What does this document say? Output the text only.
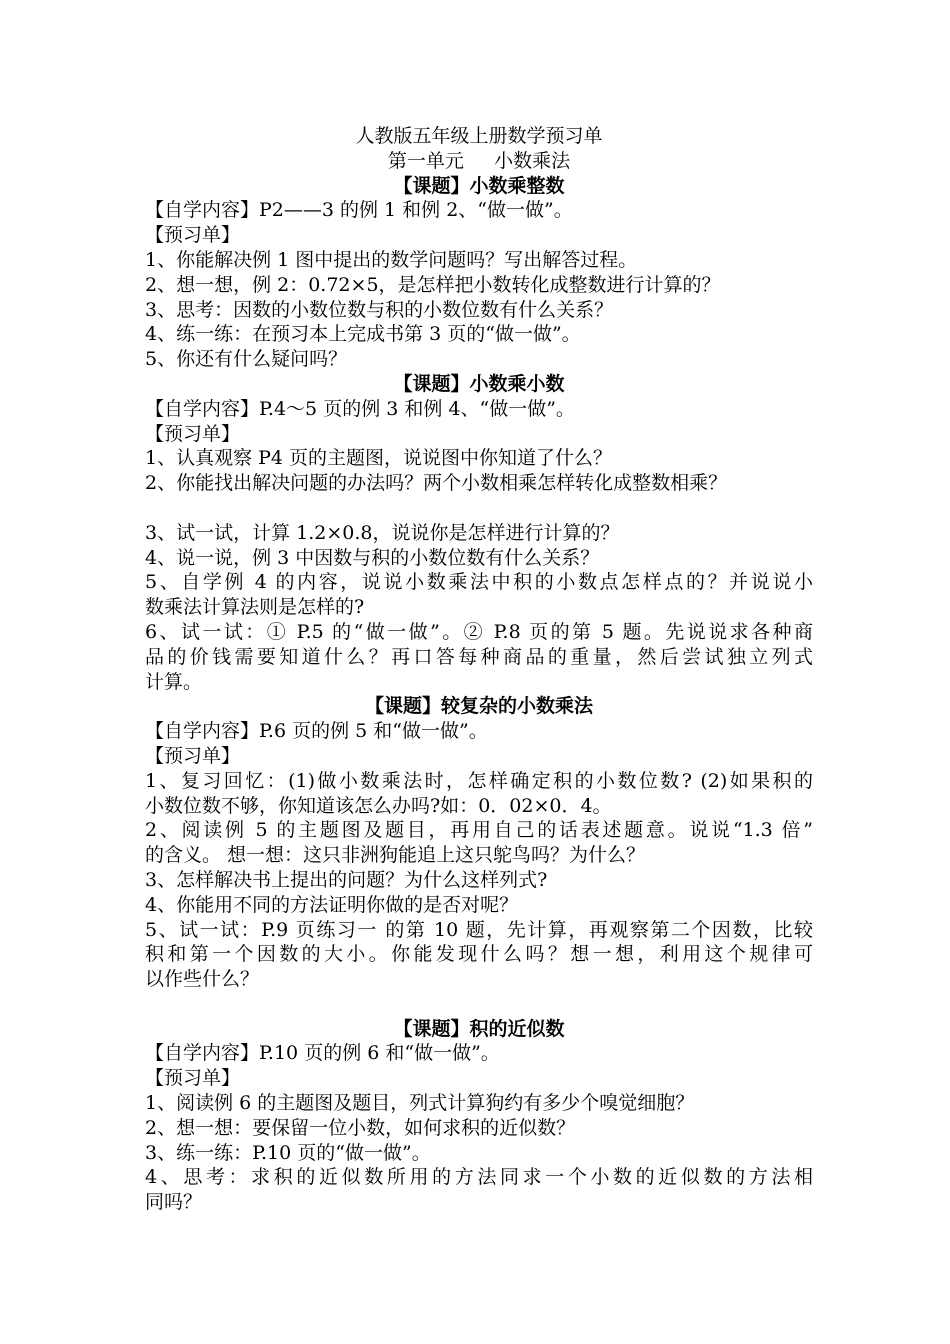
人教版五年级上册数学预习单
第一单元     小数乘法
【课题】小数乘整数
【自学内容】P2——3 的例 1 和例 2、“做一做”。
【预习单】
1、你能解决例 1 图中提出的数学问题吗？写出解答过程。
2、想一想，例 2：0.72×5，是怎样把小数转化成整数进行计算的？
3、思考：因数的小数位数与积的小数位数有什么关系？
4、练一练：在预习本上完成书第 3 页的“做一做”。
5、你还有什么疑问吗？
【课题】小数乘小数
【自学内容】P.4～5 页的例 3 和例 4、“做一做”。
【预习单】
1、认真观察 P4 页的主题图，说说图中你知道了什么？
2、你能找出解决问题的办法吗？两个小数相乘怎样转化成整数相乘？
3、试一试，计算 1.2×0.8，说说你是怎样进行计算的？
4、说一说，例 3 中因数与积的小数位数有什么关系？
5、自学例 4 的内容，说说小数乘法中积的小数点怎样点的？并说说小
数乘法计算法则是怎样的?
6、试一试：① P.5 的“做一做”。② P.8 页的第 5 题。先说说求各种商
品的价钱需要知道什么？再口答每种商品的重量，然后尝试独立列式
计算。
【课题】较复杂的小数乘法
【自学内容】P.6 页的例 5 和“做一做”。
【预习单】
1、复习回忆：(1)做小数乘法时，怎样确定积的小数位数? (2)如果积的
小数位数不够，你知道该怎么办吗?如：0．02×0．4。
2、阅读例 5 的主题图及题目，再用自己的话表述题意。说说“1.3 倍”
的含义。 想一想：这只非洲狗能追上这只鸵鸟吗？为什么？
3、怎样解决书上提出的问题？为什么这样列式?
4、你能用不同的方法证明你做的是否对呢？
5、试一试：P.9 页练习一 的第 10 题，先计算，再观察第二个因数，比较
积和第一个因数的大小。你能发现什么吗？想一想，利用这个规律可
以作些什么？
【课题】积的近似数
【自学内容】P.10 页的例 6 和“做一做”。
【预习单】
1、阅读例 6 的主题图及题目，列式计算狗约有多少个嗅觉细胞？
2、想一想：要保留一位小数，如何求积的近似数？
3、练一练：P.10 页的“做一做”。
4、思考：求积的近似数所用的方法同求一个小数的近似数的方法相
同吗？
